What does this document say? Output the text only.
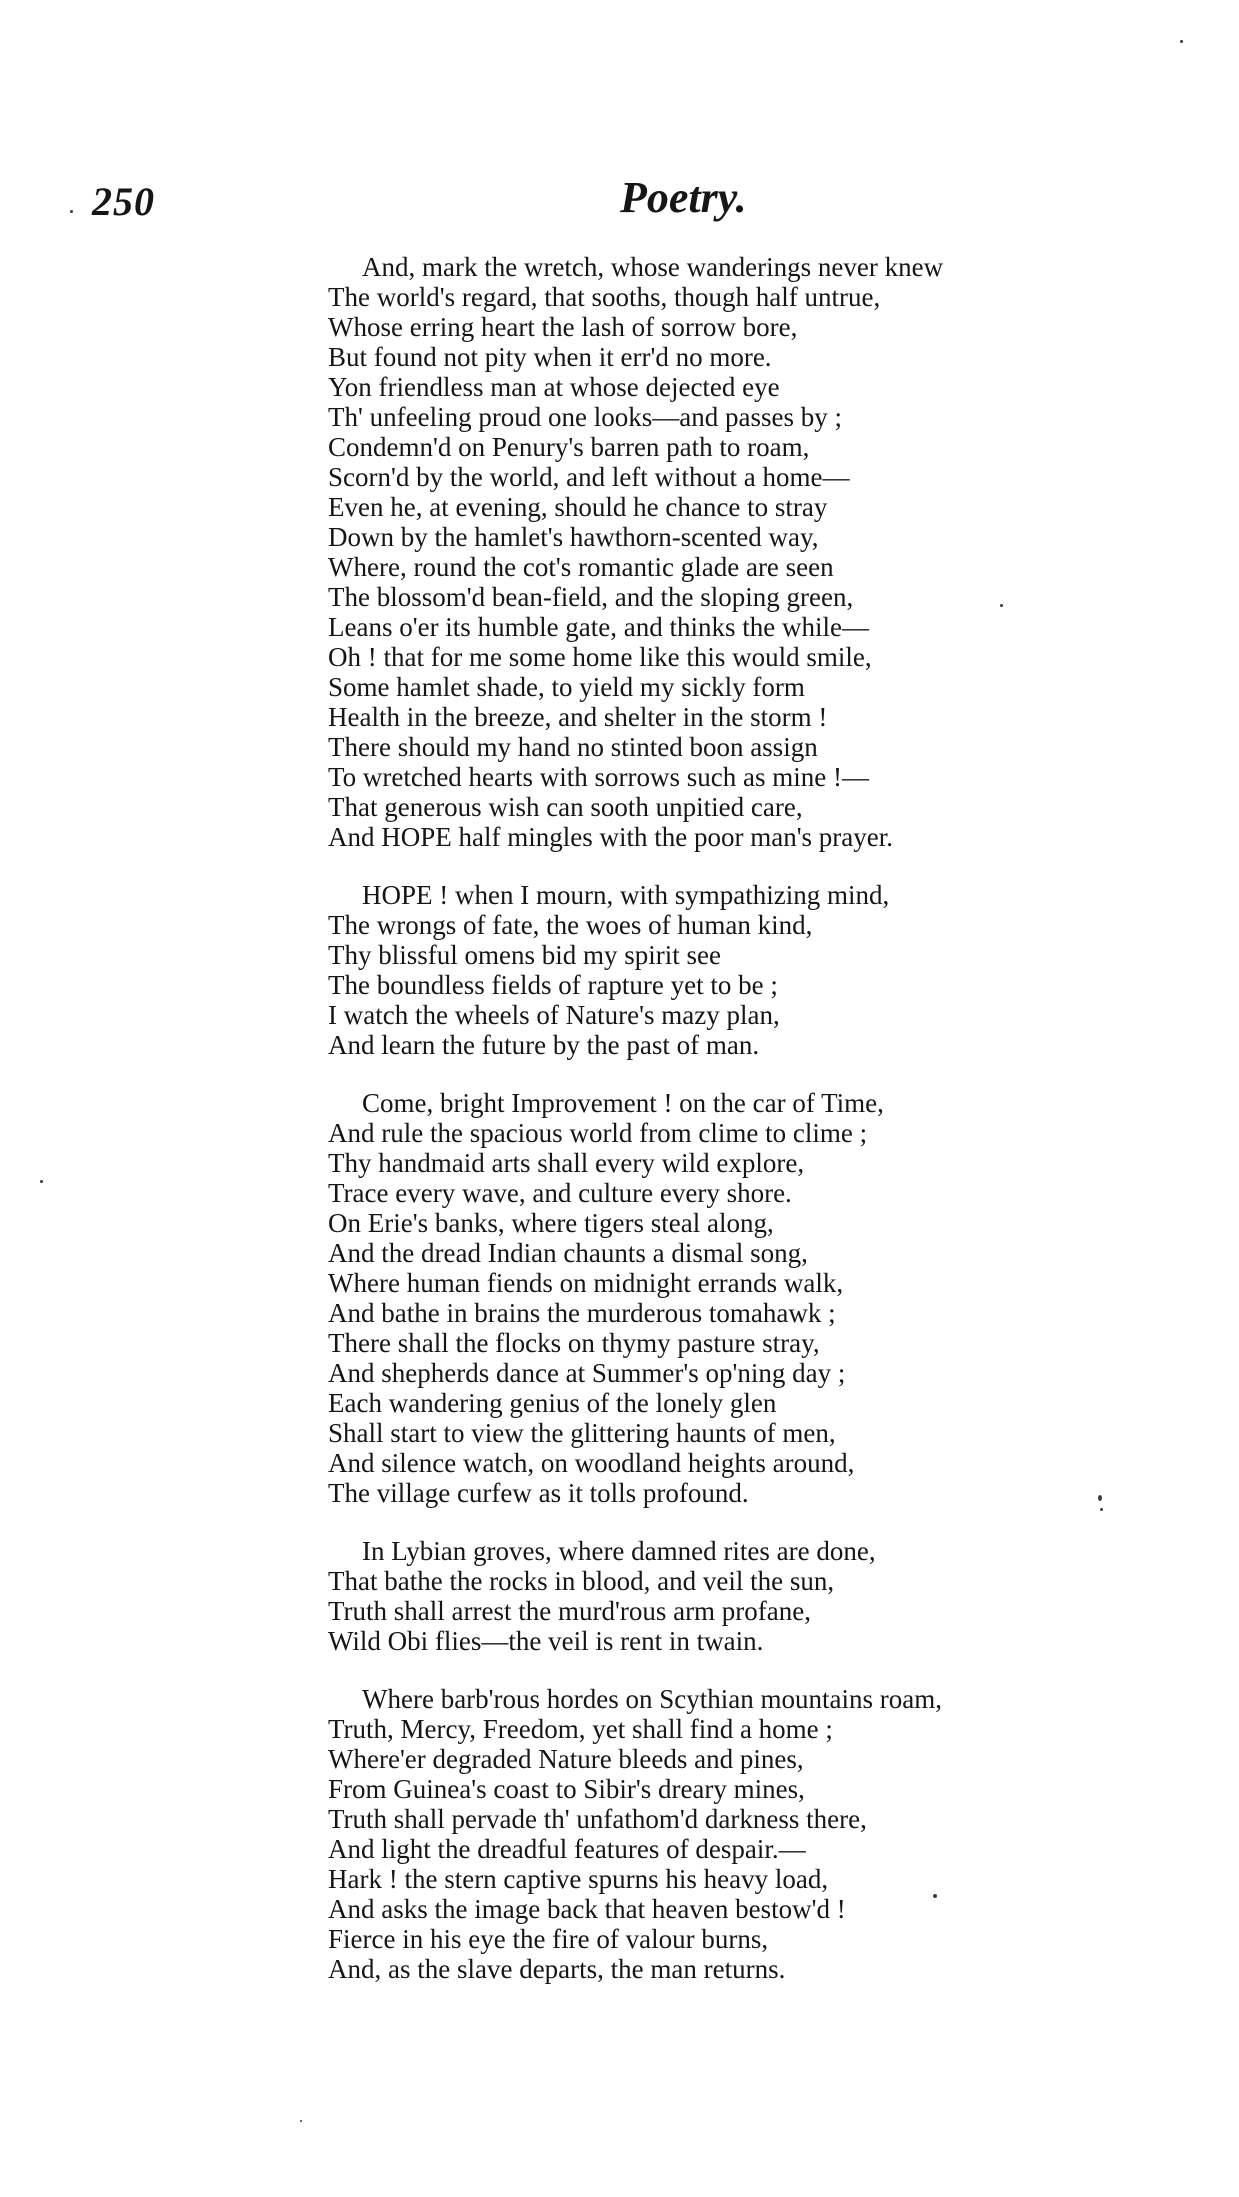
250	Poetry.
And, mark the wretch, whose wanderings never knew
The world's regard, that sooths, though half untrue,
Whose erring heart the lash of sorrow bore,
But found not pity when it err'd no more.
Yon friendless man at whose dejected eye
Th' unfeeling proud one looks—and passes by ;
Condemn'd on Penury's barren path to roam,
Scorn'd by the world, and left without a home—
Even he, at evening, should he chance to stray
Down by the hamlet's hawthorn-scented way,
Where, round the cot's romantic glade are seen
The blossom'd bean-field, and the sloping green,
Leans o'er its humble gate, and thinks the while—
Oh ! that for me some home like this would smile,
Some hamlet shade, to yield my sickly form
Health in the breeze, and shelter in the storm !
There should my hand no stinted boon assign
To wretched hearts with sorrows such as mine !—
That generous wish can sooth unpitied care,
And HOPE half mingles with the poor man's prayer.
HOPE ! when I mourn, with sympathizing mind,
The wrongs of fate, the woes of human kind,
Thy blissful omens bid my spirit see
The boundless fields of rapture yet to be ;
I watch the wheels of Nature's mazy plan,
And learn the future by the past of man.
Come, bright Improvement ! on the car of Time,
And rule the spacious world from clime to clime ;
Thy handmaid arts shall every wild explore,
Trace every wave, and culture every shore.
On Erie's banks, where tigers steal along,
And the dread Indian chaunts a dismal song,
Where human fiends on midnight errands walk,
And bathe in brains the murderous tomahawk ;
There shall the flocks on thymy pasture stray,
And shepherds dance at Summer's op'ning day ;
Each wandering genius of the lonely glen
Shall start to view the glittering haunts of men,
And silence watch, on woodland heights around,
The village curfew as it tolls profound.
In Lybian groves, where damned rites are done,
That bathe the rocks in blood, and veil the sun,
Truth shall arrest the murd'rous arm profane,
Wild Obi flies—the veil is rent in twain.
Where barb'rous hordes on Scythian mountains roam,
Truth, Mercy, Freedom, yet shall find a home ;
Where'er degraded Nature bleeds and pines,
From Guinea's coast to Sibir's dreary mines,
Truth shall pervade th' unfathom'd darkness there,
And light the dreadful features of despair.—
Hark ! the stern captive spurns his heavy load,
And asks the image back that heaven bestow'd !
Fierce in his eye the fire of valour burns,
And, as the slave departs, the man returns.
